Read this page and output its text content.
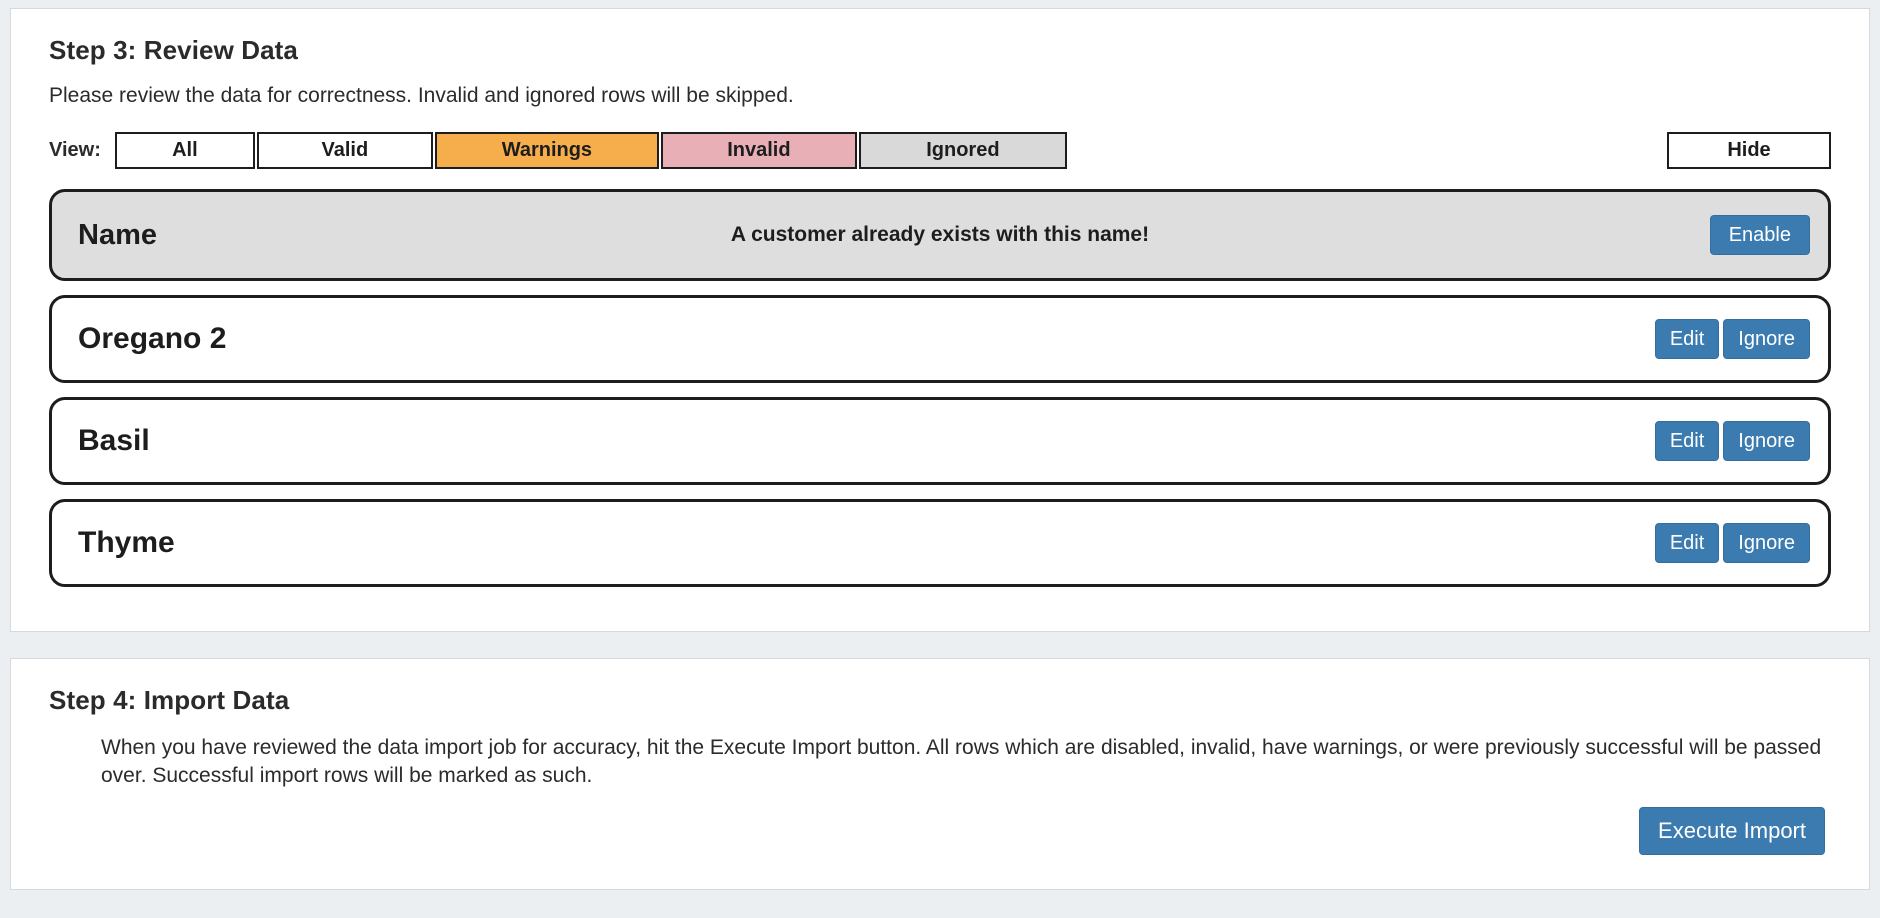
Step 3: Review Data

Please review the data for correctness. Invalid and ignored rows will be skipped.

View:	All	Valid	Warnings	Invalid	Ignored	Hide
Name	A customer already exists with this name!	Enable
Oregano 2	Edit	Ignore
Basil	Edit	Ignore
Thyme	Edit	Ignore
Step 4: Import Data

When you have reviewed the data import job for accuracy, hit the Execute Import button. All rows which are disabled, invalid, have warnings, or were previously successful will be passed over. Successful import rows will be marked as such.

Execute Import
